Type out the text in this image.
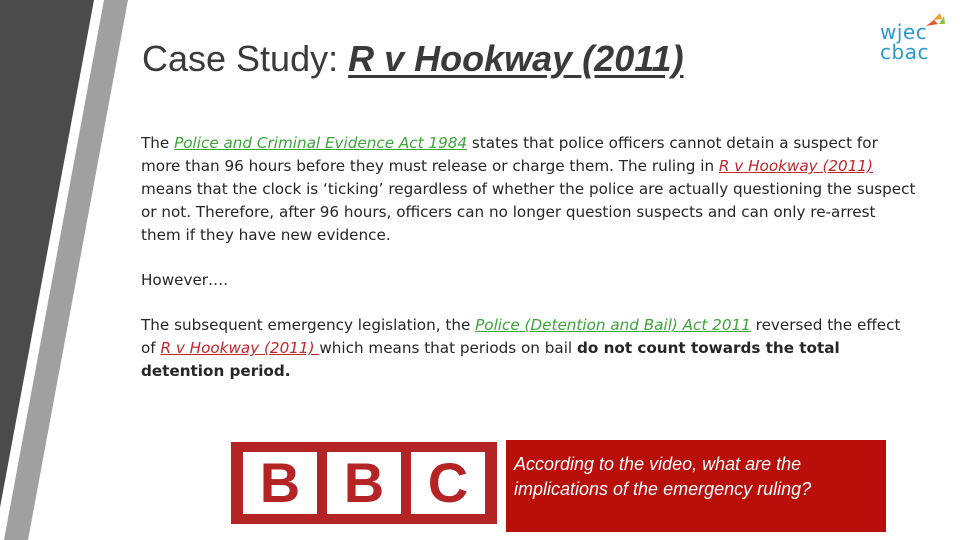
Case Study: R v Hookway (2011)
wjec
cbac

The Police and Criminal Evidence Act 1984 states that police officers cannot detain a suspect for more than 96 hours before they must release or charge them. The ruling in R v Hookway (2011) means that the clock is ‘ticking’ regardless of whether the police are actually questioning the suspect or not. Therefore, after 96 hours, officers can no longer question suspects and can only re-arrest them if they have new evidence.

However….

The subsequent emergency legislation, the Police (Detention and Bail) Act 2011 reversed the effect of R v Hookway (2011) which means that periods on bail do not count towards the total detention period.

B B C	According to the video, what are the implications of the emergency ruling?
